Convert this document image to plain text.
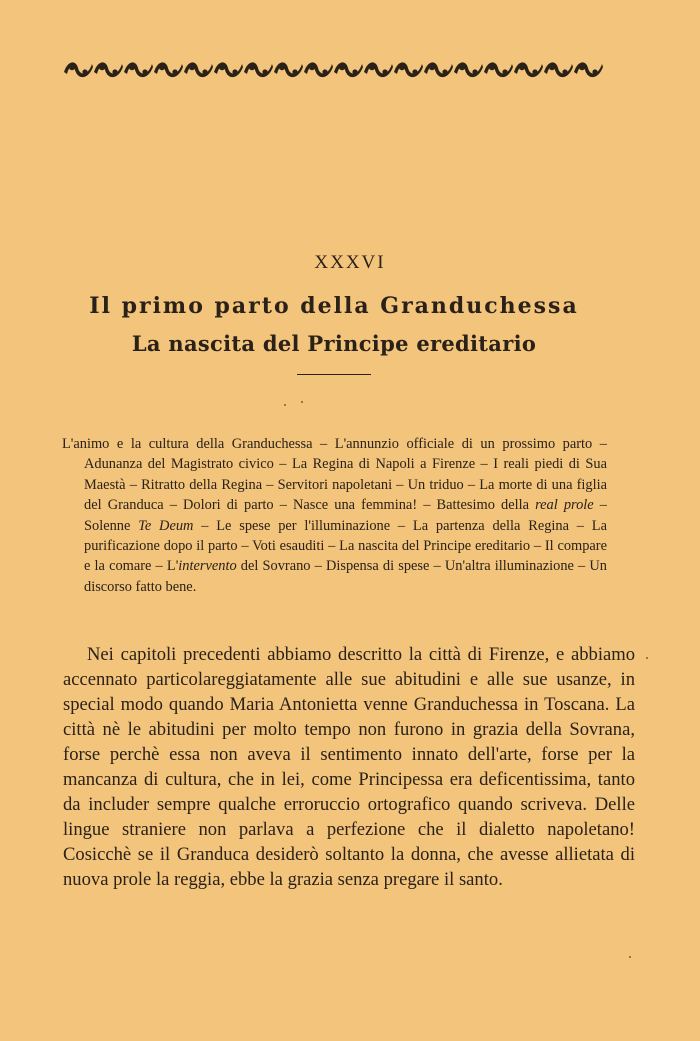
XXXVI
Il primo parto della Granduchessa
La nascita del Principe ereditario

L'animo e la cultura della Granduchessa – L'annunzio officiale di un prossimo parto – Adunanza del Magistrato civico – La Regina di Napoli a Firenze – I reali piedi di Sua Maestà – Ritratto della Regina – Servitori napoletani – Un triduo – La morte di una figlia del Granduca – Dolori di parto – Nasce una femmina! – Battesimo della real prole – Solenne Te Deum – Le spese per l'illuminazione – La partenza della Regina – La purificazione dopo il parto – Voti esauditi – La nascita del Principe ereditario – Il compare e la comare – L'intervento del Sovrano – Dispensa di spese – Un'altra illuminazione – Un discorso fatto bene.

Nei capitoli precedenti abbiamo descritto la città di Firenze, e abbiamo accennato particolareggiatamente alle sue abitudini e alle sue usanze, in special modo quando Maria Antonietta venne Granduchessa in Toscana. La città nè le abitudini per molto tempo non furono in grazia della Sovrana, forse perchè essa non aveva il sentimento innato dell'arte, forse per la mancanza di cultura, che in lei, come Principessa era deficentissima, tanto da includer sempre qualche erroruccio ortografico quando scriveva. Delle lingue straniere non parlava a perfezione che il dialetto napoletano! Cosicchè se il Granduca desiderò soltanto la donna, che avesse allietata di nuova prole la reggia, ebbe la grazia senza pregare il santo.
